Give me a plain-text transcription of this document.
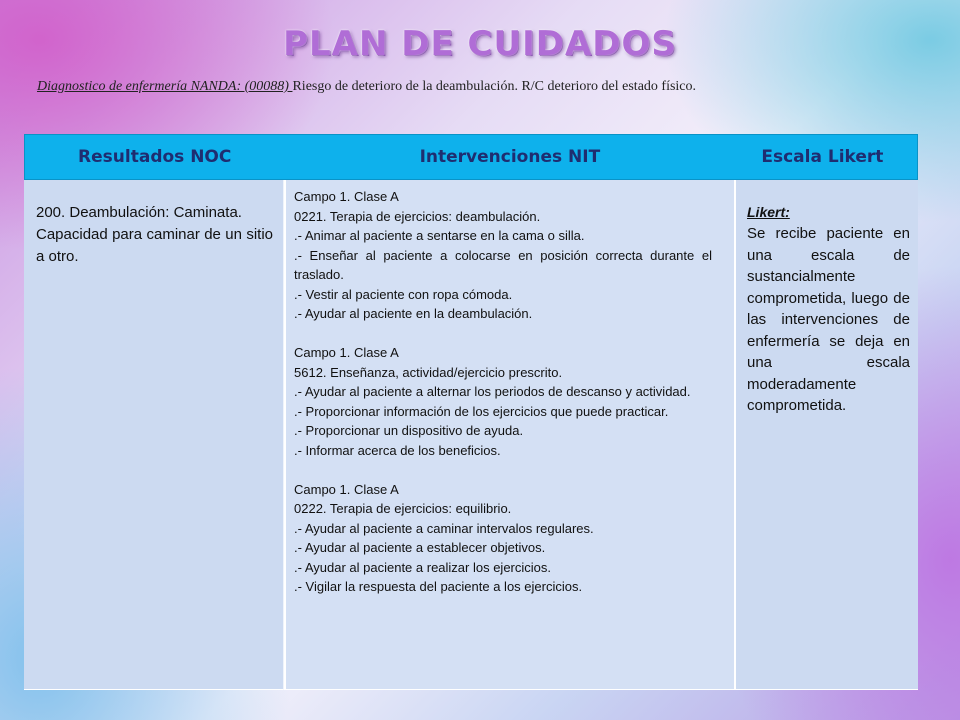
PLAN DE CUIDADOS
Diagnostico de enfermería NANDA: (00088) Riesgo de deterioro de la deambulación. R/C deterioro del estado físico.
Resultados NOC	Intervenciones NIT	Escala Likert

200. Deambulación: Caminata.

Capacidad para caminar de un sitio a otro.

Campo 1. Clase A

0221. Terapia de ejercicios: deambulación.

.- Animar al paciente a sentarse en la cama o silla.

.- Enseñar al paciente a colocarse en posición correcta durante el traslado.

.- Vestir al paciente con ropa cómoda.

.- Ayudar al paciente en la deambulación.

Campo 1. Clase A

5612. Enseñanza, actividad/ejercicio prescrito.

.- Ayudar al paciente a alternar los periodos de descanso y actividad.

.- Proporcionar información de los ejercicios que puede practicar.

.- Proporcionar un dispositivo de ayuda.

.- Informar acerca de los beneficios.

Campo 1. Clase A

0222. Terapia de ejercicios: equilibrio.

.- Ayudar al paciente a caminar intervalos regulares.

.- Ayudar al paciente a establecer objetivos.

.- Ayudar al paciente a realizar los ejercicios.

.- Vigilar la respuesta del paciente a los ejercicios.

Likert:

Se recibe paciente en una escala de sustancialmente comprometida, luego de las intervenciones de enfermería se deja en una escala moderadamente comprometida.
